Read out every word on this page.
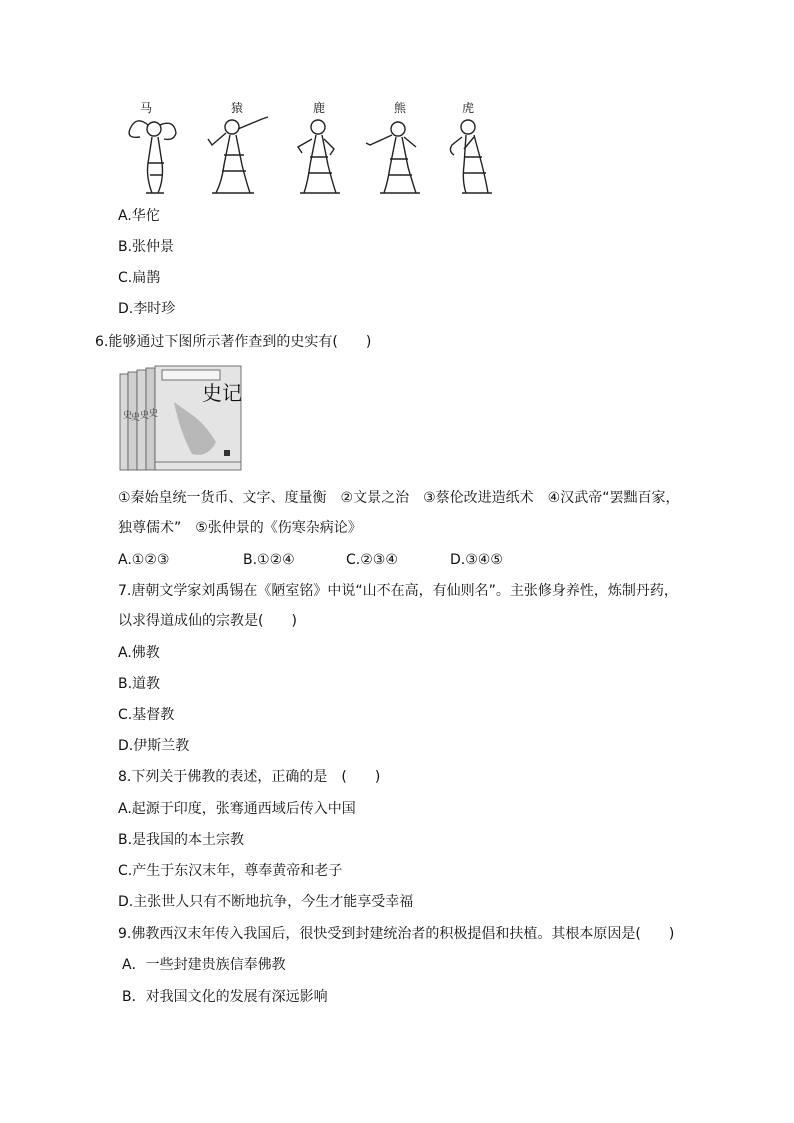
马	猿	鹿	熊	虎
A.华佗
B.张仲景
C.扁鹊
D.李时珍
6.能够通过下图所示著作查到的史实有(　　)
史
史 史 史
史记
①秦始皇统一货币、文字、度量衡　②文景之治　③蔡伦改进造纸术　④汉武帝“罢黜百家，
独尊儒术”　⑤张仲景的《伤寒杂病论》
A.①②③	B.①②④	C.②③④	D.③④⑤
7.唐朝文学家刘禹锡在《陋室铭》中说“山不在高，有仙则名”。主张修身养性，炼制丹药，
以求得道成仙的宗教是(　　)
A.佛教
B.道教
C.基督教
D.伊斯兰教
8.下列关于佛教的表述，正确的是　(　　)
A.起源于印度，张骞通西域后传入中国
B.是我国的本土宗教
C.产生于东汉末年，尊奉黄帝和老子
D.主张世人只有不断地抗争，今生才能享受幸福
9.佛教西汉末年传入我国后，很快受到封建统治者的积极提倡和扶植。其根本原因是(　　)
A．一些封建贵族信奉佛教
B．对我国文化的发展有深远影响
